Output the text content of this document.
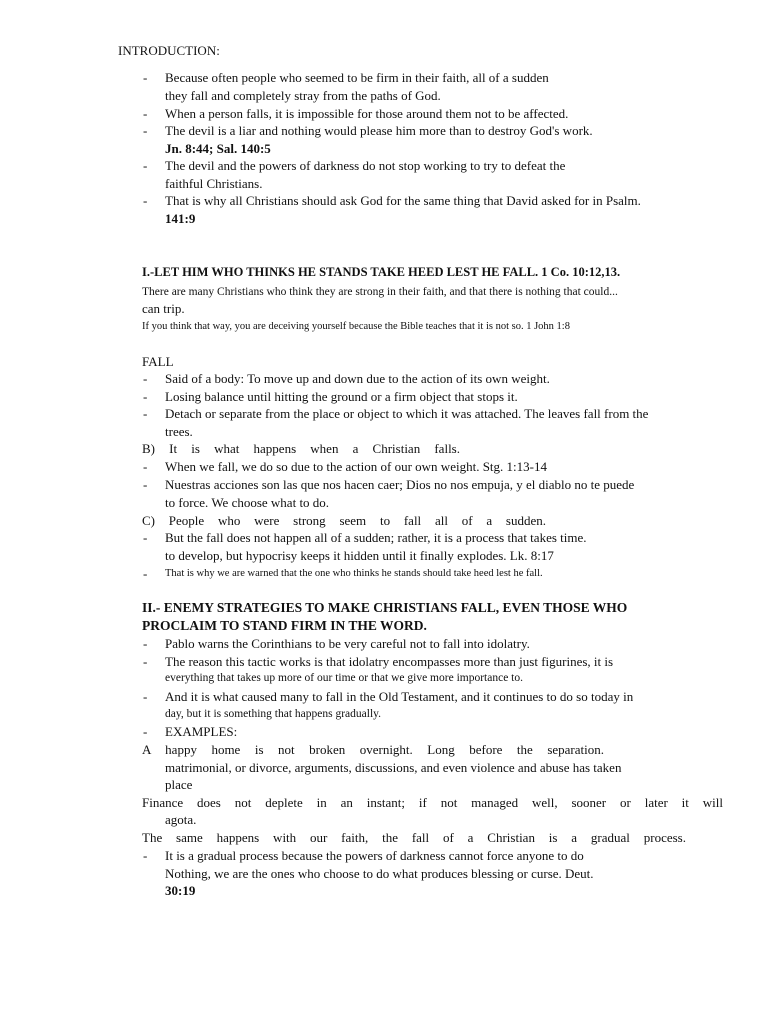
INTRODUCTION:
- Because often people who seemed to be firm in their faith, all of a sudden
they fall and completely stray from the paths of God.
- When a person falls, it is impossible for those around them not to be affected.
- The devil is a liar and nothing would please him more than to destroy God's work.
Jn. 8:44; Sal. 140:5
- The devil and the powers of darkness do not stop working to try to defeat the
faithful Christians.
- That is why all Christians should ask God for the same thing that David asked for in Psalm.
141:9
I.-LET HIM WHO THINKS HE STANDS TAKE HEED LEST HE FALL. 1 Co. 10:12,13.
There are many Christians who think they are strong in their faith, and that there is nothing that could...
can trip.
If you think that way, you are deceiving yourself because the Bible teaches that it is not so. 1 John 1:8
FALL
- Said of a body: To move up and down due to the action of its own weight.
- Losing balance until hitting the ground or a firm object that stops it.
- Detach or separate from the place or object to which it was attached. The leaves fall from the
trees.
B) It is what happens when a Christian falls.
- When we fall, we do so due to the action of our own weight. Stg. 1:13-14
- Nuestras acciones son las que nos hacen caer; Dios no nos empuja, y el diablo no te puede
to force. We choose what to do.
C) People who were strong seem to fall all of a sudden.
- But the fall does not happen all of a sudden; rather, it is a process that takes time.
to develop, but hypocrisy keeps it hidden until it finally explodes. Lk. 8:17
- That is why we are warned that the one who thinks he stands should take heed lest he fall.
II.- ENEMY STRATEGIES TO MAKE CHRISTIANS FALL, EVEN THOSE WHO
PROCLAIM TO STAND FIRM IN THE WORD.
- Pablo warns the Corinthians to be very careful not to fall into idolatry.
- The reason this tactic works is that idolatry encompasses more than just figurines, it is
everything that takes up more of our time or that we give more importance to.
- And it is what caused many to fall in the Old Testament, and it continues to do so today in
day, but it is something that happens gradually.
- EXAMPLES:
A happy home is not broken overnight. Long before the separation.
matrimonial, or divorce, arguments, discussions, and even violence and abuse has taken
place
Finance does not deplete in an instant; if not managed well, sooner or later it will
agota.
The same happens with our faith, the fall of a Christian is a gradual process.
- It is a gradual process because the powers of darkness cannot force anyone to do
Nothing, we are the ones who choose to do what produces blessing or curse. Deut.
30:19
